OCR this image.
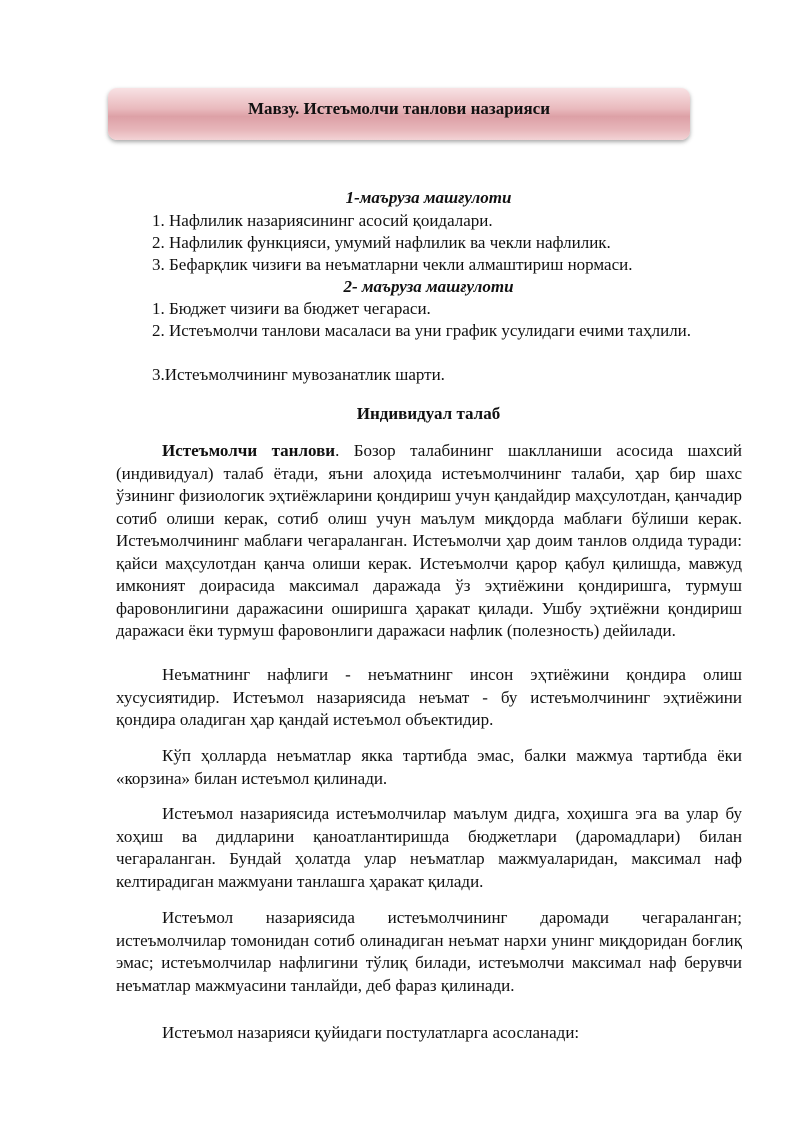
Мавзу. Истеъмолчи танлови назарияси
1-маъруза машғулоти
1. Нафлилик назариясининг асосий қоидалари.
2. Нафлилик функцияси, умумий нафлилик ва чекли нафлилик.
3. Бефарқлик чизиғи ва неъматларни чекли алмаштириш нормаси.
2- маъруза машғулоти
1. Бюджет чизиғи ва бюджет чегараси.
2. Истеъмолчи танлови масаласи ва уни график усулидаги ечими таҳлили.
3.Истеъмолчининг мувозанатлик шарти.
Индивидуал талаб

Истеъмолчи танлови. Бозор талабининг шаклланиши асосида шахсий (индивидуал) талаб ётади, яъни алоҳида истеъмолчининг талаби, ҳар бир шахс ўзининг физиологик эҳтиёжларини қондириш учун қандайдир маҳсулотдан, қанчадир сотиб олиши керак, сотиб олиш учун маълум миқдорда маблағи бўлиши керак. Истеъмолчининг маблағи чегараланган. Истеъмолчи ҳар доим танлов олдида туради: қайси маҳсулотдан қанча олиши керак. Истеъмолчи қарор қабул қилишда, мавжуд имконият доирасида максимал даражада ўз эҳтиёжини қондиришга, турмуш фаровонлигини даражасини оширишга ҳаракат қилади. Ушбу эҳтиёжни қондириш даражаси ёки турмуш фаровонлиги даражаси нафлик (полезность) дейилади.

Неъматнинг нафлиги - неъматнинг инсон эҳтиёжини қондира олиш хусусиятидир. Истеъмол назариясида неъмат - бу истеъмолчининг эҳтиёжини қондира оладиган ҳар қандай истеъмол объектидир.

Кўп ҳолларда неъматлар якка тартибда эмас, балки мажмуа тартибда ёки «корзина» билан истеъмол қилинади.

Истеъмол назариясида истеъмолчилар маълум дидга, хоҳишга эга ва улар бу хоҳиш ва дидларини қаноатлантиришда бюджетлари (даромадлари) билан чегараланган. Бундай ҳолатда улар неъматлар мажмуаларидан, максимал наф келтирадиган мажмуани танлашга ҳаракат қилади.

Истеъмол назариясида истеъмолчининг даромади чегараланган; истеъмолчилар томонидан сотиб олинадиган неъмат нархи унинг миқдоридан боғлиқ эмас; истеъмолчилар нафлигини тўлиқ билади, истеъмолчи максимал наф берувчи неъматлар мажмуасини танлайди, деб фараз қилинади.

Истеъмол назарияси қуйидаги постулатларга асосланади:
